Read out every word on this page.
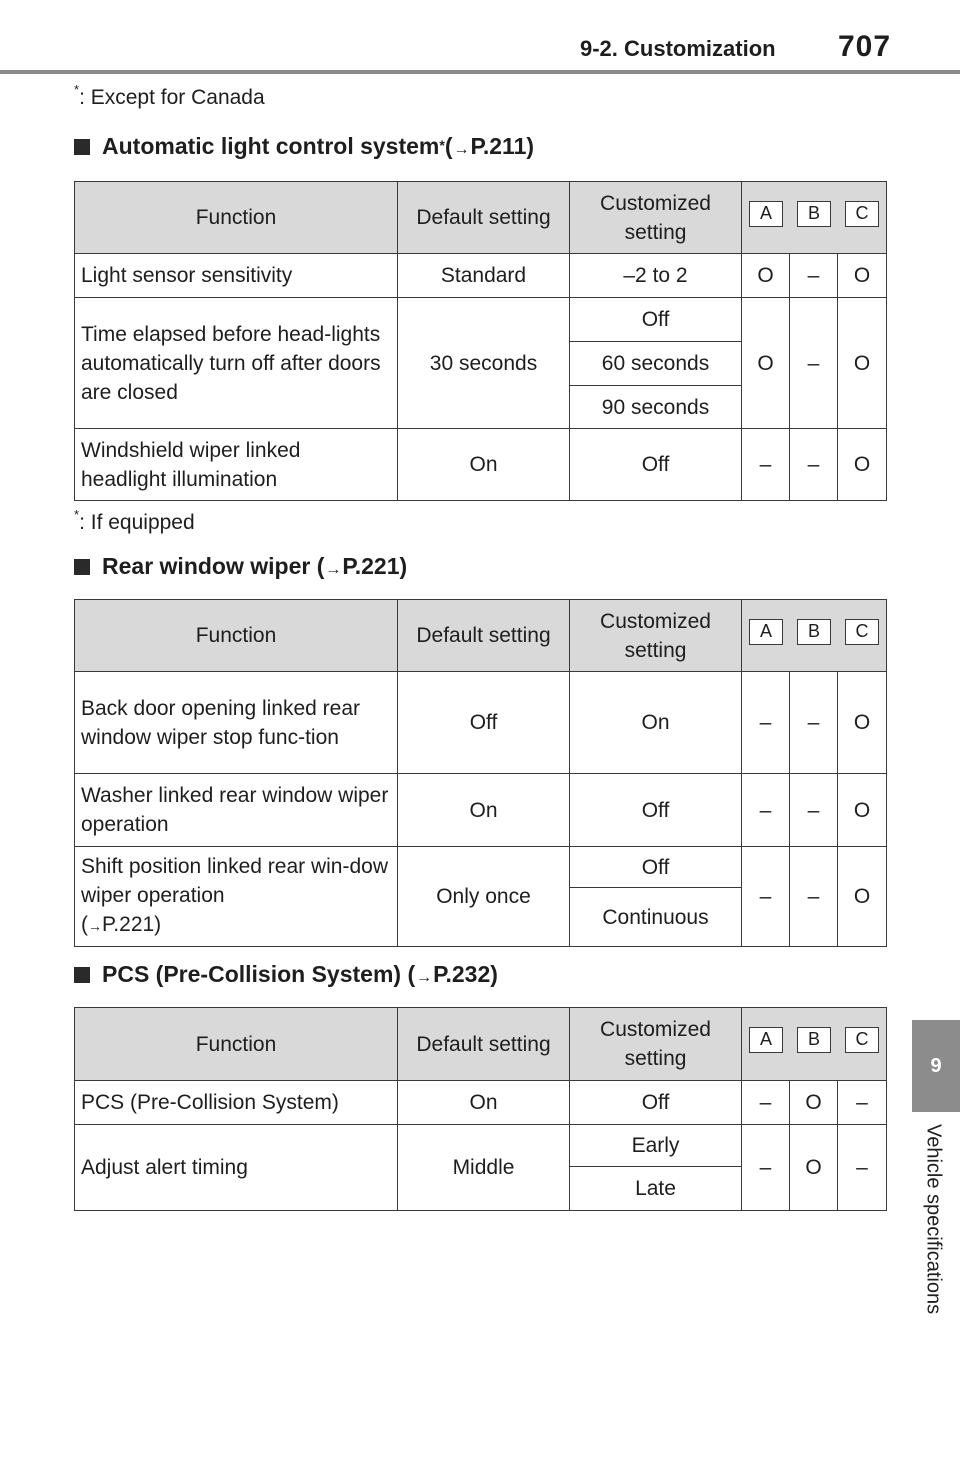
9-2. Customization 707
9
Vehicle specifications
*: Except for Canada
Automatic light control system* ( → P.211)
Function	Default setting	Customized setting	A B C		

Light sensor sensitivity	Standard	–2 to 2	O	–	O
Time elapsed before head-lights automatically turn off after doors are closed	30 seconds	Off	O	–	O
		60 seconds			
		90 seconds			
Windshield wiper linked headlight illumination	On	Off	–	–	O
*: If equipped
Rear window wiper ( → P.221)
Function	Default setting	Customized setting	A B C		

Back door opening linked rear window wiper stop func-tion	Off	On	–	–	O
Washer linked rear window wiper operation	On	Off	–	–	O
Shift position linked rear win-dow wiper operation
(→P.221)	Only once	Off	–	–	O
		Continuous			
PCS (Pre-Collision System) ( → P.232)
Function	Default setting	Customized setting	A B C		

PCS (Pre-Collision System)	On	Off	–	O	–
Adjust alert timing	Middle	Early	–	O	–
		Late			
